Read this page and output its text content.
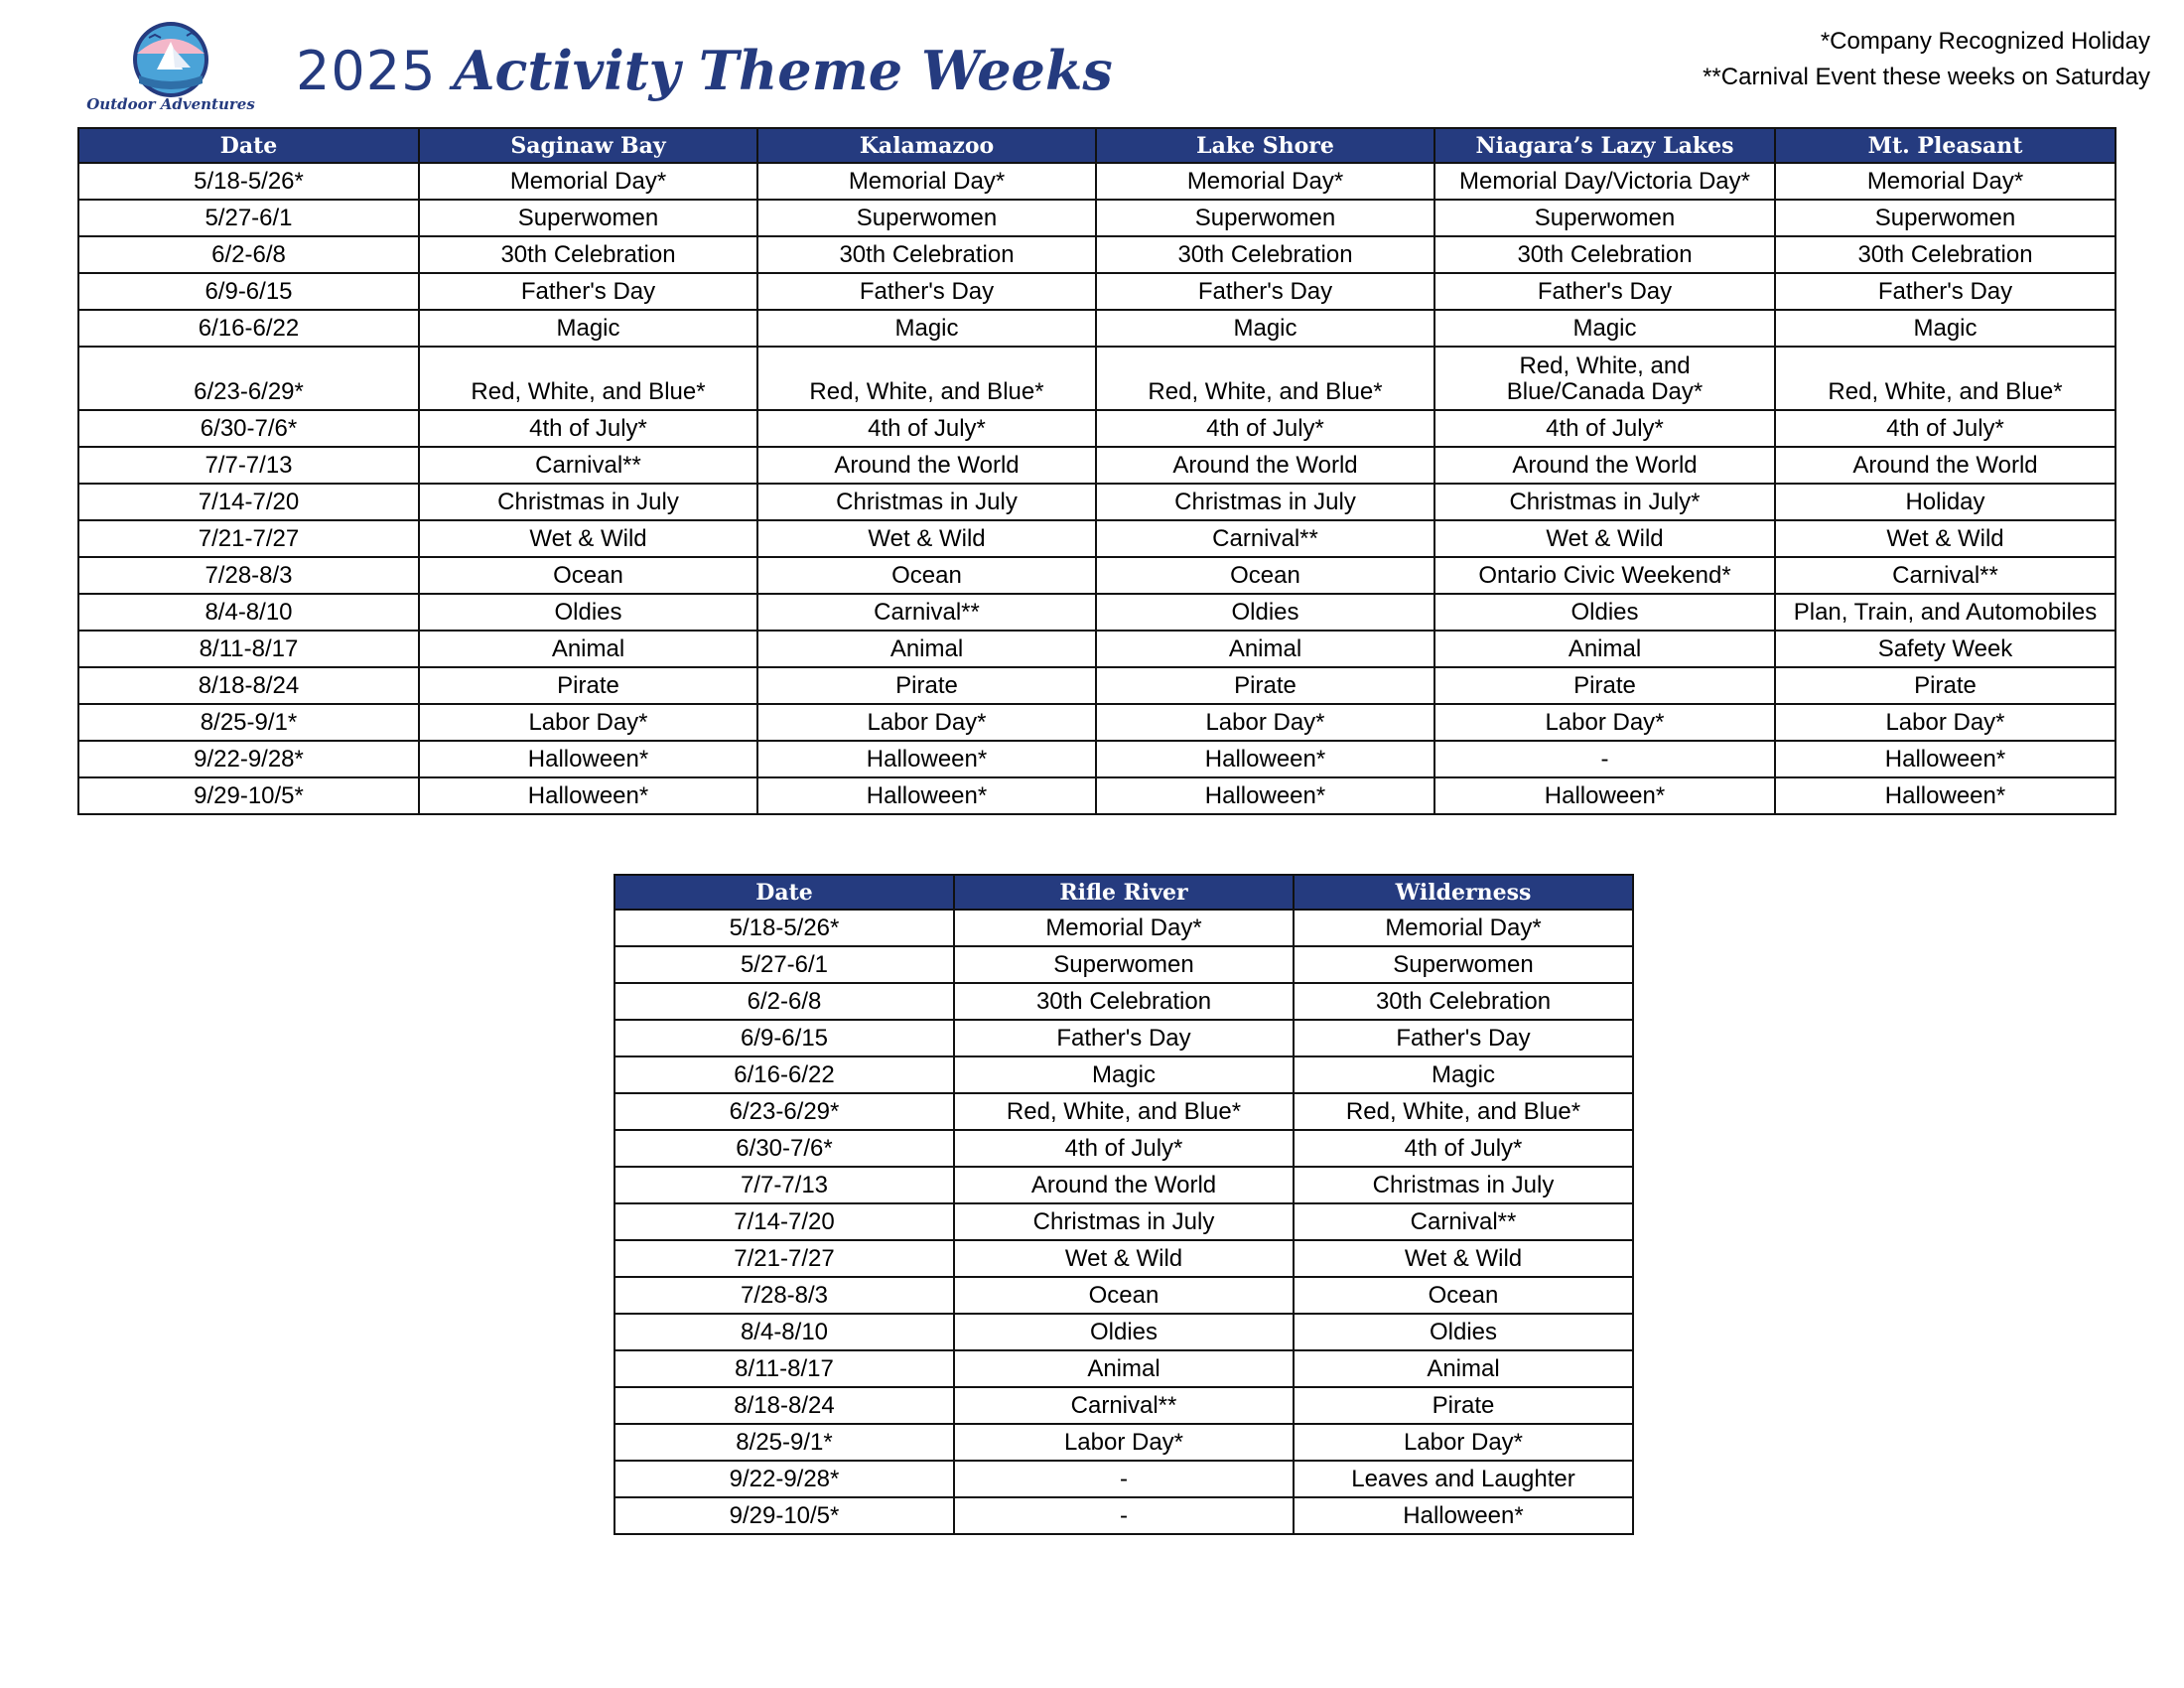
Outdoor Adventures
2025 Activity Theme Weeks	*Company Recognized Holiday
**Carnival Event these weeks on Saturday
Date	Saginaw Bay	Kalamazoo	Lake Shore	Niagara’s Lazy Lakes	Mt. Pleasant
5/18-5/26*	Memorial Day*	Memorial Day*	Memorial Day*	Memorial Day/Victoria Day*	Memorial Day*
5/27-6/1	Superwomen	Superwomen	Superwomen	Superwomen	Superwomen
6/2-6/8	30th Celebration	30th Celebration	30th Celebration	30th Celebration	30th Celebration
6/9-6/15	Father's Day	Father's Day	Father's Day	Father's Day	Father's Day
6/16-6/22	Magic	Magic	Magic	Magic	Magic

6/23-6/29*	Red, White, and Blue*	Red, White, and Blue*	Red, White, and Blue*	Red, White, and Blue/Canada Day*	Red, White, and Blue*

6/30-7/6*	4th of July*	4th of July*	4th of July*	4th of July*	4th of July*
7/7-7/13	Carnival**	Around the World	Around the World	Around the World	Around the World
7/14-7/20	Christmas in July	Christmas in July	Christmas in July	Christmas in July*	Holiday
7/21-7/27	Wet & Wild	Wet & Wild	Carnival**	Wet & Wild	Wet & Wild
7/28-8/3	Ocean	Ocean	Ocean	Ontario Civic Weekend*	Carnival**
8/4-8/10	Oldies	Carnival**	Oldies	Oldies	Plan, Train, and Automobiles
8/11-8/17	Animal	Animal	Animal	Animal	Safety Week
8/18-8/24	Pirate	Pirate	Pirate	Pirate	Pirate
8/25-9/1*	Labor Day*	Labor Day*	Labor Day*	Labor Day*	Labor Day*
9/22-9/28*	Halloween*	Halloween*	Halloween*	-	Halloween*
9/29-10/5*	Halloween*	Halloween*	Halloween*	Halloween*	Halloween*
Date	Rifle River	Wilderness
5/18-5/26*	Memorial Day*	Memorial Day*
5/27-6/1	Superwomen	Superwomen
6/2-6/8	30th Celebration	30th Celebration
6/9-6/15	Father's Day	Father's Day
6/16-6/22	Magic	Magic
6/23-6/29*	Red, White, and Blue*	Red, White, and Blue*
6/30-7/6*	4th of July*	4th of July*
7/7-7/13	Around the World	Christmas in July
7/14-7/20	Christmas in July	Carnival**
7/21-7/27	Wet & Wild	Wet & Wild
7/28-8/3	Ocean	Ocean
8/4-8/10	Oldies	Oldies
8/11-8/17	Animal	Animal
8/18-8/24	Carnival**	Pirate
8/25-9/1*	Labor Day*	Labor Day*
9/22-9/28*	-	Leaves and Laughter
9/29-10/5*	-	Halloween*
